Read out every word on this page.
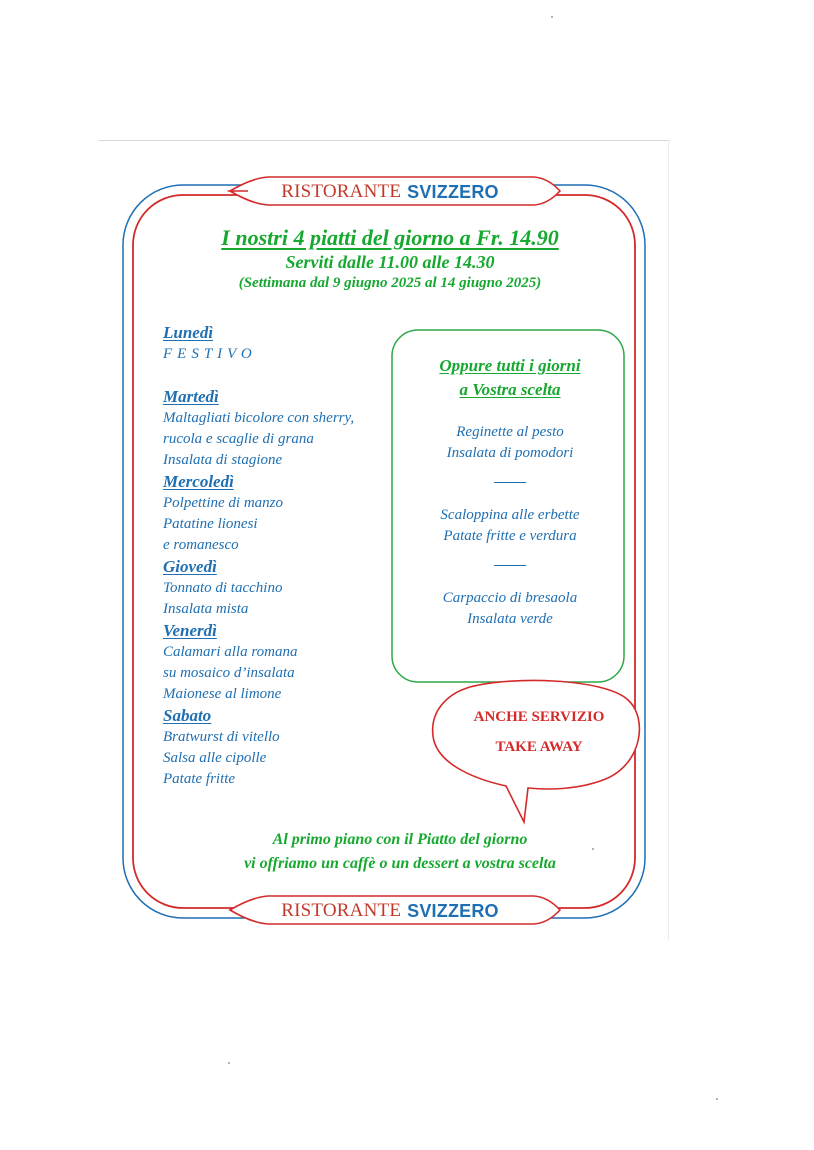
RISTORANTE SVIZZERO
I nostri 4 piatti del giorno a Fr. 14.90
Serviti dalle 11.00 alle 14.30
(Settimana dal 9 giugno 2025 al 14 giugno 2025)
Lunedì
FESTIVO
Martedì
Maltagliati bicolore con sherry,
rucola e scaglie di grana
Insalata di stagione
Mercoledì
Polpettine di manzo
Patatine lionesi
e romanesco
Giovedì
Tonnato di tacchino
Insalata mista
Venerdì
Calamari alla romana
su mosaico d’insalata
Maionese al limone
Sabato
Bratwurst di vitello
Salsa alle cipolle
Patate fritte
Oppure tutti i giorni
a Vostra scelta
Reginette al pesto
Insalata di pomodori
Scaloppina alle erbette
Patate fritte e verdura
Carpaccio di bresaola
Insalata verde
ANCHE SERVIZIO
TAKE AWAY
Al primo piano con il Piatto del giorno
vi offriamo un caffè o un dessert a vostra scelta
RISTORANTE SVIZZERO
